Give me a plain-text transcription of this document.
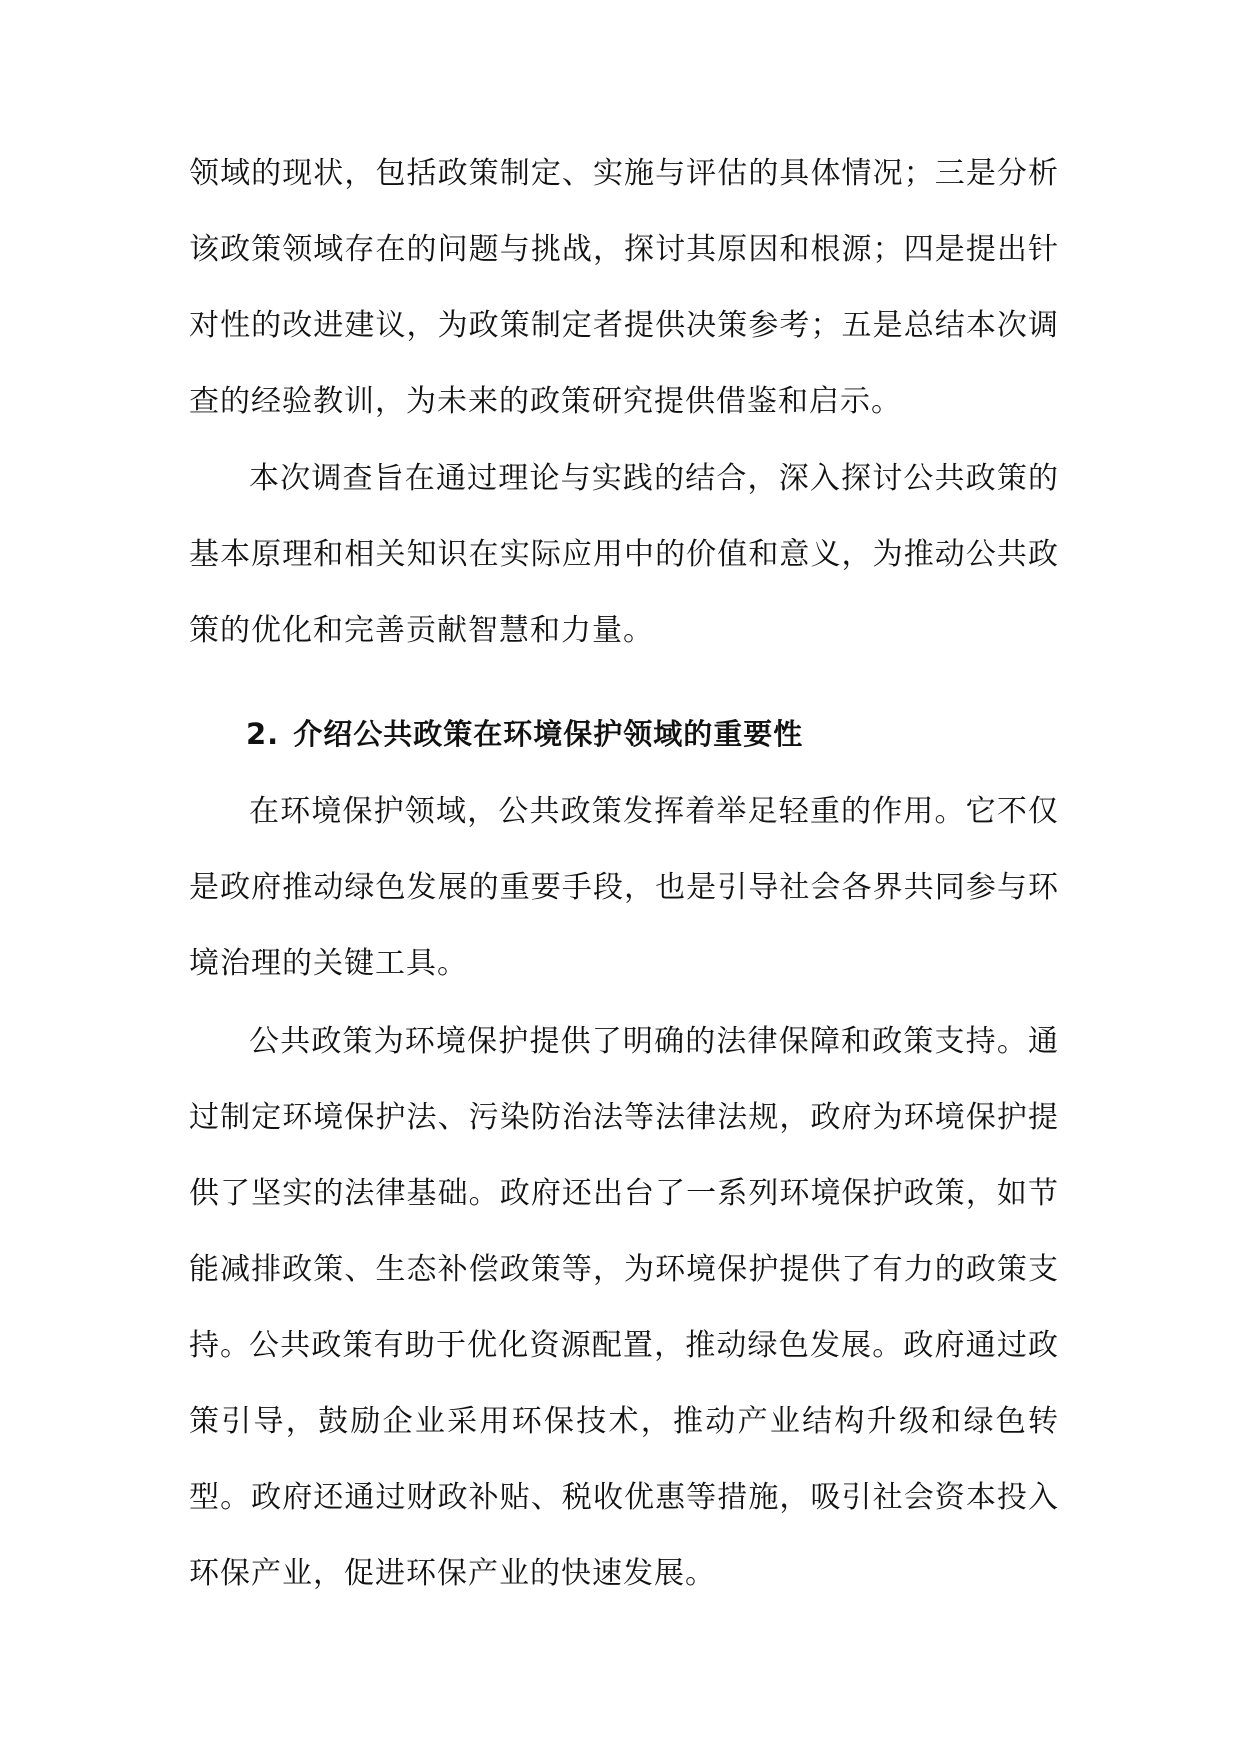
领域的现状，包括政策制定、实施与评估的具体情况；三是分析该政策领域存在的问题与挑战，探讨其原因和根源；四是提出针对性的改进建议，为政策制定者提供决策参考；五是总结本次调查的经验教训，为未来的政策研究提供借鉴和启示。

本次调查旨在通过理论与实践的结合，深入探讨公共政策的基本原理和相关知识在实际应用中的价值和意义，为推动公共政策的优化和完善贡献智慧和力量。

2. 介绍公共政策在环境保护领域的重要性

在环境保护领域，公共政策发挥着举足轻重的作用。它不仅是政府推动绿色发展的重要手段，也是引导社会各界共同参与环境治理的关键工具。

公共政策为环境保护提供了明确的法律保障和政策支持。通过制定环境保护法、污染防治法等法律法规，政府为环境保护提供了坚实的法律基础。政府还出台了一系列环境保护政策，如节能减排政策、生态补偿政策等，为环境保护提供了有力的政策支持。

公共政策有助于优化资源配置，推动绿色发展。政府通过政策引导，鼓励企业采用环保技术，推动产业结构升级和绿色转型。政府还通过财政补贴、税收优惠等措施，吸引社会资本投入环保产业，促进环保产业的快速发展。
